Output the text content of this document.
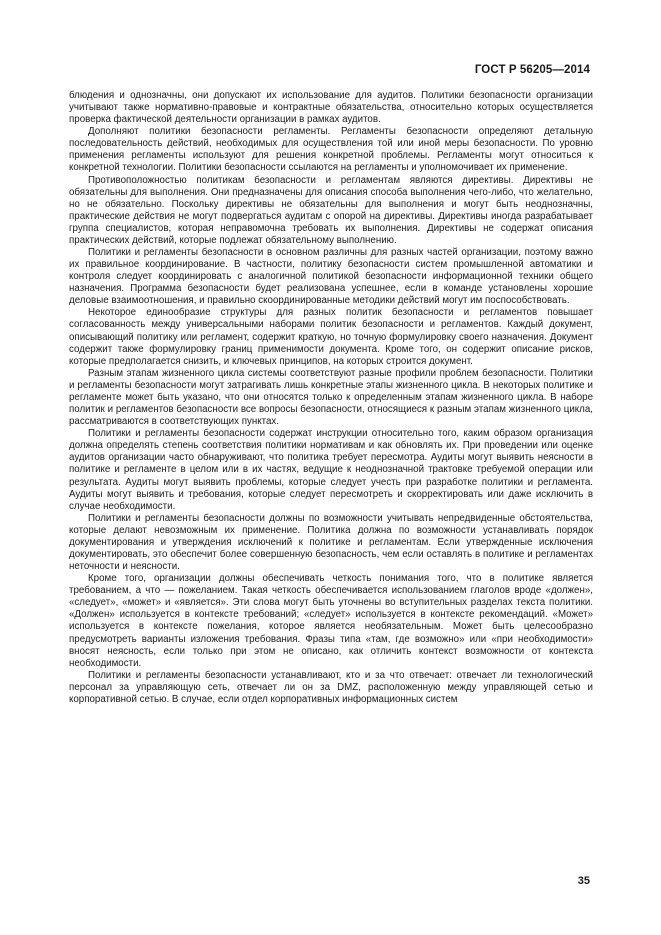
ГОСТ Р 56205—2014

блюдения и однозначны, они допускают их использование для аудитов. Политики безопасности организации учитывают также нормативно-правовые и контрактные обязательства, относительно которых осуществляется проверка фактической деятельности организации в рамках аудитов.

Дополняют политики безопасности регламенты. Регламенты безопасности определяют детальную последовательность действий, необходимых для осуществления той или иной меры безопасности. По уровню применения регламенты используют для решения конкретной проблемы. Регламенты могут относиться к конкретной технологии. Политики безопасности ссылаются на регламенты и уполномочивает их применение.

Противоположностью политикам безопасности и регламентам являются директивы. Директивы не обязательны для выполнения. Они предназначены для описания способа выполнения чего-либо, что желательно, но не обязательно. Поскольку директивы не обязательны для выполнения и могут быть неоднозначны, практические действия не могут подвергаться аудитам с опорой на директивы. Директивы иногда разрабатывает группа специалистов, которая неправомочна требовать их выполнения. Директивы не содержат описания практических действий, которые подлежат обязательному выполнению.

Политики и регламенты безопасности в основном различны для разных частей организации, поэтому важно их правильное координирование. В частности, политику безопасности систем промышленной автоматики и контроля следует координировать с аналогичной политикой безопасности информационной техники общего назначения. Программа безопасности будет реализована успешнее, если в команде установлены хорошие деловые взаимоотношения, и правильно скоординированные методики действий могут им поспособствовать.

Некоторое единообразие структуры для разных политик безопасности и регламентов повышает согласованность между универсальными наборами политик безопасности и регламентов. Каждый документ, описывающий политику или регламент, содержит краткую, но точную формулировку своего назначения. Документ содержит также формулировку границ применимости документа. Кроме того, он содержит описание рисков, которые предполагается снизить, и ключевых принципов, на которых строится документ.

Разным этапам жизненного цикла системы соответствуют разные профили проблем безопасности. Политики и регламенты безопасности могут затрагивать лишь конкретные этапы жизненного цикла. В некоторых политике и регламенте может быть указано, что они относятся только к определенным этапам жизненного цикла. В наборе политик и регламентов безопасности все вопросы безопасности, относящиеся к разным этапам жизненного цикла, рассматриваются в соответствующих пунктах.

Политики и регламенты безопасности содержат инструкции относительно того, каким образом организация должна определять степень соответствия политики нормативам и как обновлять их. При проведении или оценке аудитов организации часто обнаруживают, что политика требует пересмотра. Аудиты могут выявить неясности в политике и регламенте в целом или в их частях, ведущие к неоднозначной трактовке требуемой операции или результата. Аудиты могут выявить проблемы, которые следует учесть при разработке политики и регламента. Аудиты могут выявить и требования, которые следует пересмотреть и скорректировать или даже исключить в случае необходимости.

Политики и регламенты безопасности должны по возможности учитывать непредвиденные обстоятельства, которые делают невозможным их применение. Политика должна по возможности устанавливать порядок документирования и утверждения исключений к политике и регламентам. Если утвержденные исключения документировать, это обеспечит более совершенную безопасность, чем если оставлять в политике и регламентах неточности и неясности.

Кроме того, организации должны обеспечивать четкость понимания того, что в политике является требованием, а что — пожеланием. Такая четкость обеспечивается использованием глаголов вроде «должен», «следует», «может» и «является». Эти слова могут быть уточнены во вступительных разделах текста политики. «Должен» используется в контексте требований; «следует» используется в контексте рекомендаций. «Может» используется в контексте пожелания, которое является необязательным. Может быть целесообразно предусмотреть варианты изложения требования. Фразы типа «там, где возможно» или «при необходимости» вносят неясность, если только при этом не описано, как отличить контекст возможности от контекста необходимости.

Политики и регламенты безопасности устанавливают, кто и за что отвечает: отвечает ли технологический персонал за управляющую сеть, отвечает ли он за DMZ, расположенную между управляющей сетью и корпоративной сетью. В случае, если отдел корпоративных информационных систем

35
